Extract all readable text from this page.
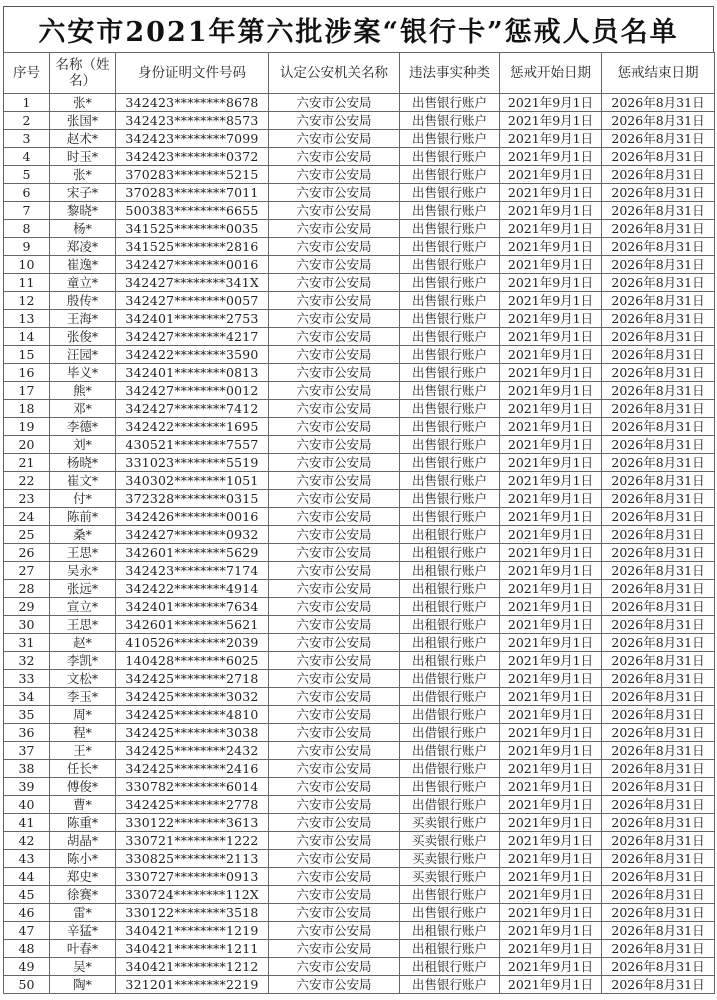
六安市2021年第六批涉案“银行卡”惩戒人员名单
序号	名称（姓名）	身份证明文件号码	认定公安机关名称	违法事实种类	惩戒开始日期	惩戒结束日期
1	张*	342423********8678	六安市公安局	出售银行账户	2021年9月1日	2026年8月31日
2	张国*	342423********8573	六安市公安局	出售银行账户	2021年9月1日	2026年8月31日
3	赵术*	342423********7099	六安市公安局	出售银行账户	2021年9月1日	2026年8月31日
4	时玉*	342423********0372	六安市公安局	出售银行账户	2021年9月1日	2026年8月31日
5	张*	370283********5215	六安市公安局	出售银行账户	2021年9月1日	2026年8月31日
6	宋子*	370283********7011	六安市公安局	出售银行账户	2021年9月1日	2026年8月31日
7	黎晓*	500383********6655	六安市公安局	出售银行账户	2021年9月1日	2026年8月31日
8	杨*	341525********0035	六安市公安局	出售银行账户	2021年9月1日	2026年8月31日
9	郑凌*	341525********2816	六安市公安局	出售银行账户	2021年9月1日	2026年8月31日
10	崔逸*	342427********0016	六安市公安局	出售银行账户	2021年9月1日	2026年8月31日
11	童立*	342427********341X	六安市公安局	出售银行账户	2021年9月1日	2026年8月31日
12	殷传*	342427********0057	六安市公安局	出售银行账户	2021年9月1日	2026年8月31日
13	王海*	342401********2753	六安市公安局	出售银行账户	2021年9月1日	2026年8月31日
14	张俊*	342427********4217	六安市公安局	出售银行账户	2021年9月1日	2026年8月31日
15	汪园*	342422********3590	六安市公安局	出售银行账户	2021年9月1日	2026年8月31日
16	毕义*	342401********0813	六安市公安局	出售银行账户	2021年9月1日	2026年8月31日
17	熊*	342427********0012	六安市公安局	出售银行账户	2021年9月1日	2026年8月31日
18	邓*	342427********7412	六安市公安局	出售银行账户	2021年9月1日	2026年8月31日
19	李德*	342422********1695	六安市公安局	出售银行账户	2021年9月1日	2026年8月31日
20	刘*	430521********7557	六安市公安局	出售银行账户	2021年9月1日	2026年8月31日
21	杨晓*	331023********5519	六安市公安局	出售银行账户	2021年9月1日	2026年8月31日
22	崔文*	340302********1051	六安市公安局	出售银行账户	2021年9月1日	2026年8月31日
23	付*	372328********0315	六安市公安局	出售银行账户	2021年9月1日	2026年8月31日
24	陈前*	342426********0016	六安市公安局	出售银行账户	2021年9月1日	2026年8月31日
25	桑*	342427********0932	六安市公安局	出租银行账户	2021年9月1日	2026年8月31日
26	王思*	342601********5629	六安市公安局	出租银行账户	2021年9月1日	2026年8月31日
27	吴永*	342423********7174	六安市公安局	出租银行账户	2021年9月1日	2026年8月31日
28	张远*	342422********4914	六安市公安局	出租银行账户	2021年9月1日	2026年8月31日
29	宣立*	342401********7634	六安市公安局	出租银行账户	2021年9月1日	2026年8月31日
30	王思*	342601********5621	六安市公安局	出租银行账户	2021年9月1日	2026年8月31日
31	赵*	410526********2039	六安市公安局	出租银行账户	2021年9月1日	2026年8月31日
32	李凯*	140428********6025	六安市公安局	出租银行账户	2021年9月1日	2026年8月31日
33	文松*	342425********2718	六安市公安局	出借银行账户	2021年9月1日	2026年8月31日
34	李玉*	342425********3032	六安市公安局	出借银行账户	2021年9月1日	2026年8月31日
35	周*	342425********4810	六安市公安局	出借银行账户	2021年9月1日	2026年8月31日
36	程*	342425********3038	六安市公安局	出借银行账户	2021年9月1日	2026年8月31日
37	王*	342425********2432	六安市公安局	出借银行账户	2021年9月1日	2026年8月31日
38	任长*	342425********2416	六安市公安局	出借银行账户	2021年9月1日	2026年8月31日
39	傅俊*	330782********6014	六安市公安局	出售银行账户	2021年9月1日	2026年8月31日
40	曹*	342425********2778	六安市公安局	出借银行账户	2021年9月1日	2026年8月31日
41	陈重*	330122********3613	六安市公安局	买卖银行账户	2021年9月1日	2026年8月31日
42	胡晶*	330721********1222	六安市公安局	买卖银行账户	2021年9月1日	2026年8月31日
43	陈小*	330825********2113	六安市公安局	买卖银行账户	2021年9月1日	2026年8月31日
44	郑史*	330727********0913	六安市公安局	买卖银行账户	2021年9月1日	2026年8月31日
45	徐赛*	330724********112X	六安市公安局	出售银行账户	2021年9月1日	2026年8月31日
46	雷*	330122********3518	六安市公安局	出售银行账户	2021年9月1日	2026年8月31日
47	辛猛*	340421********1219	六安市公安局	出租银行账户	2021年9月1日	2026年8月31日
48	叶春*	340421********1211	六安市公安局	出租银行账户	2021年9月1日	2026年8月31日
49	吴*	340421********1212	六安市公安局	出租银行账户	2021年9月1日	2026年8月31日
50	陶*	321201********2219	六安市公安局	出售银行账户	2021年9月1日	2026年8月31日
